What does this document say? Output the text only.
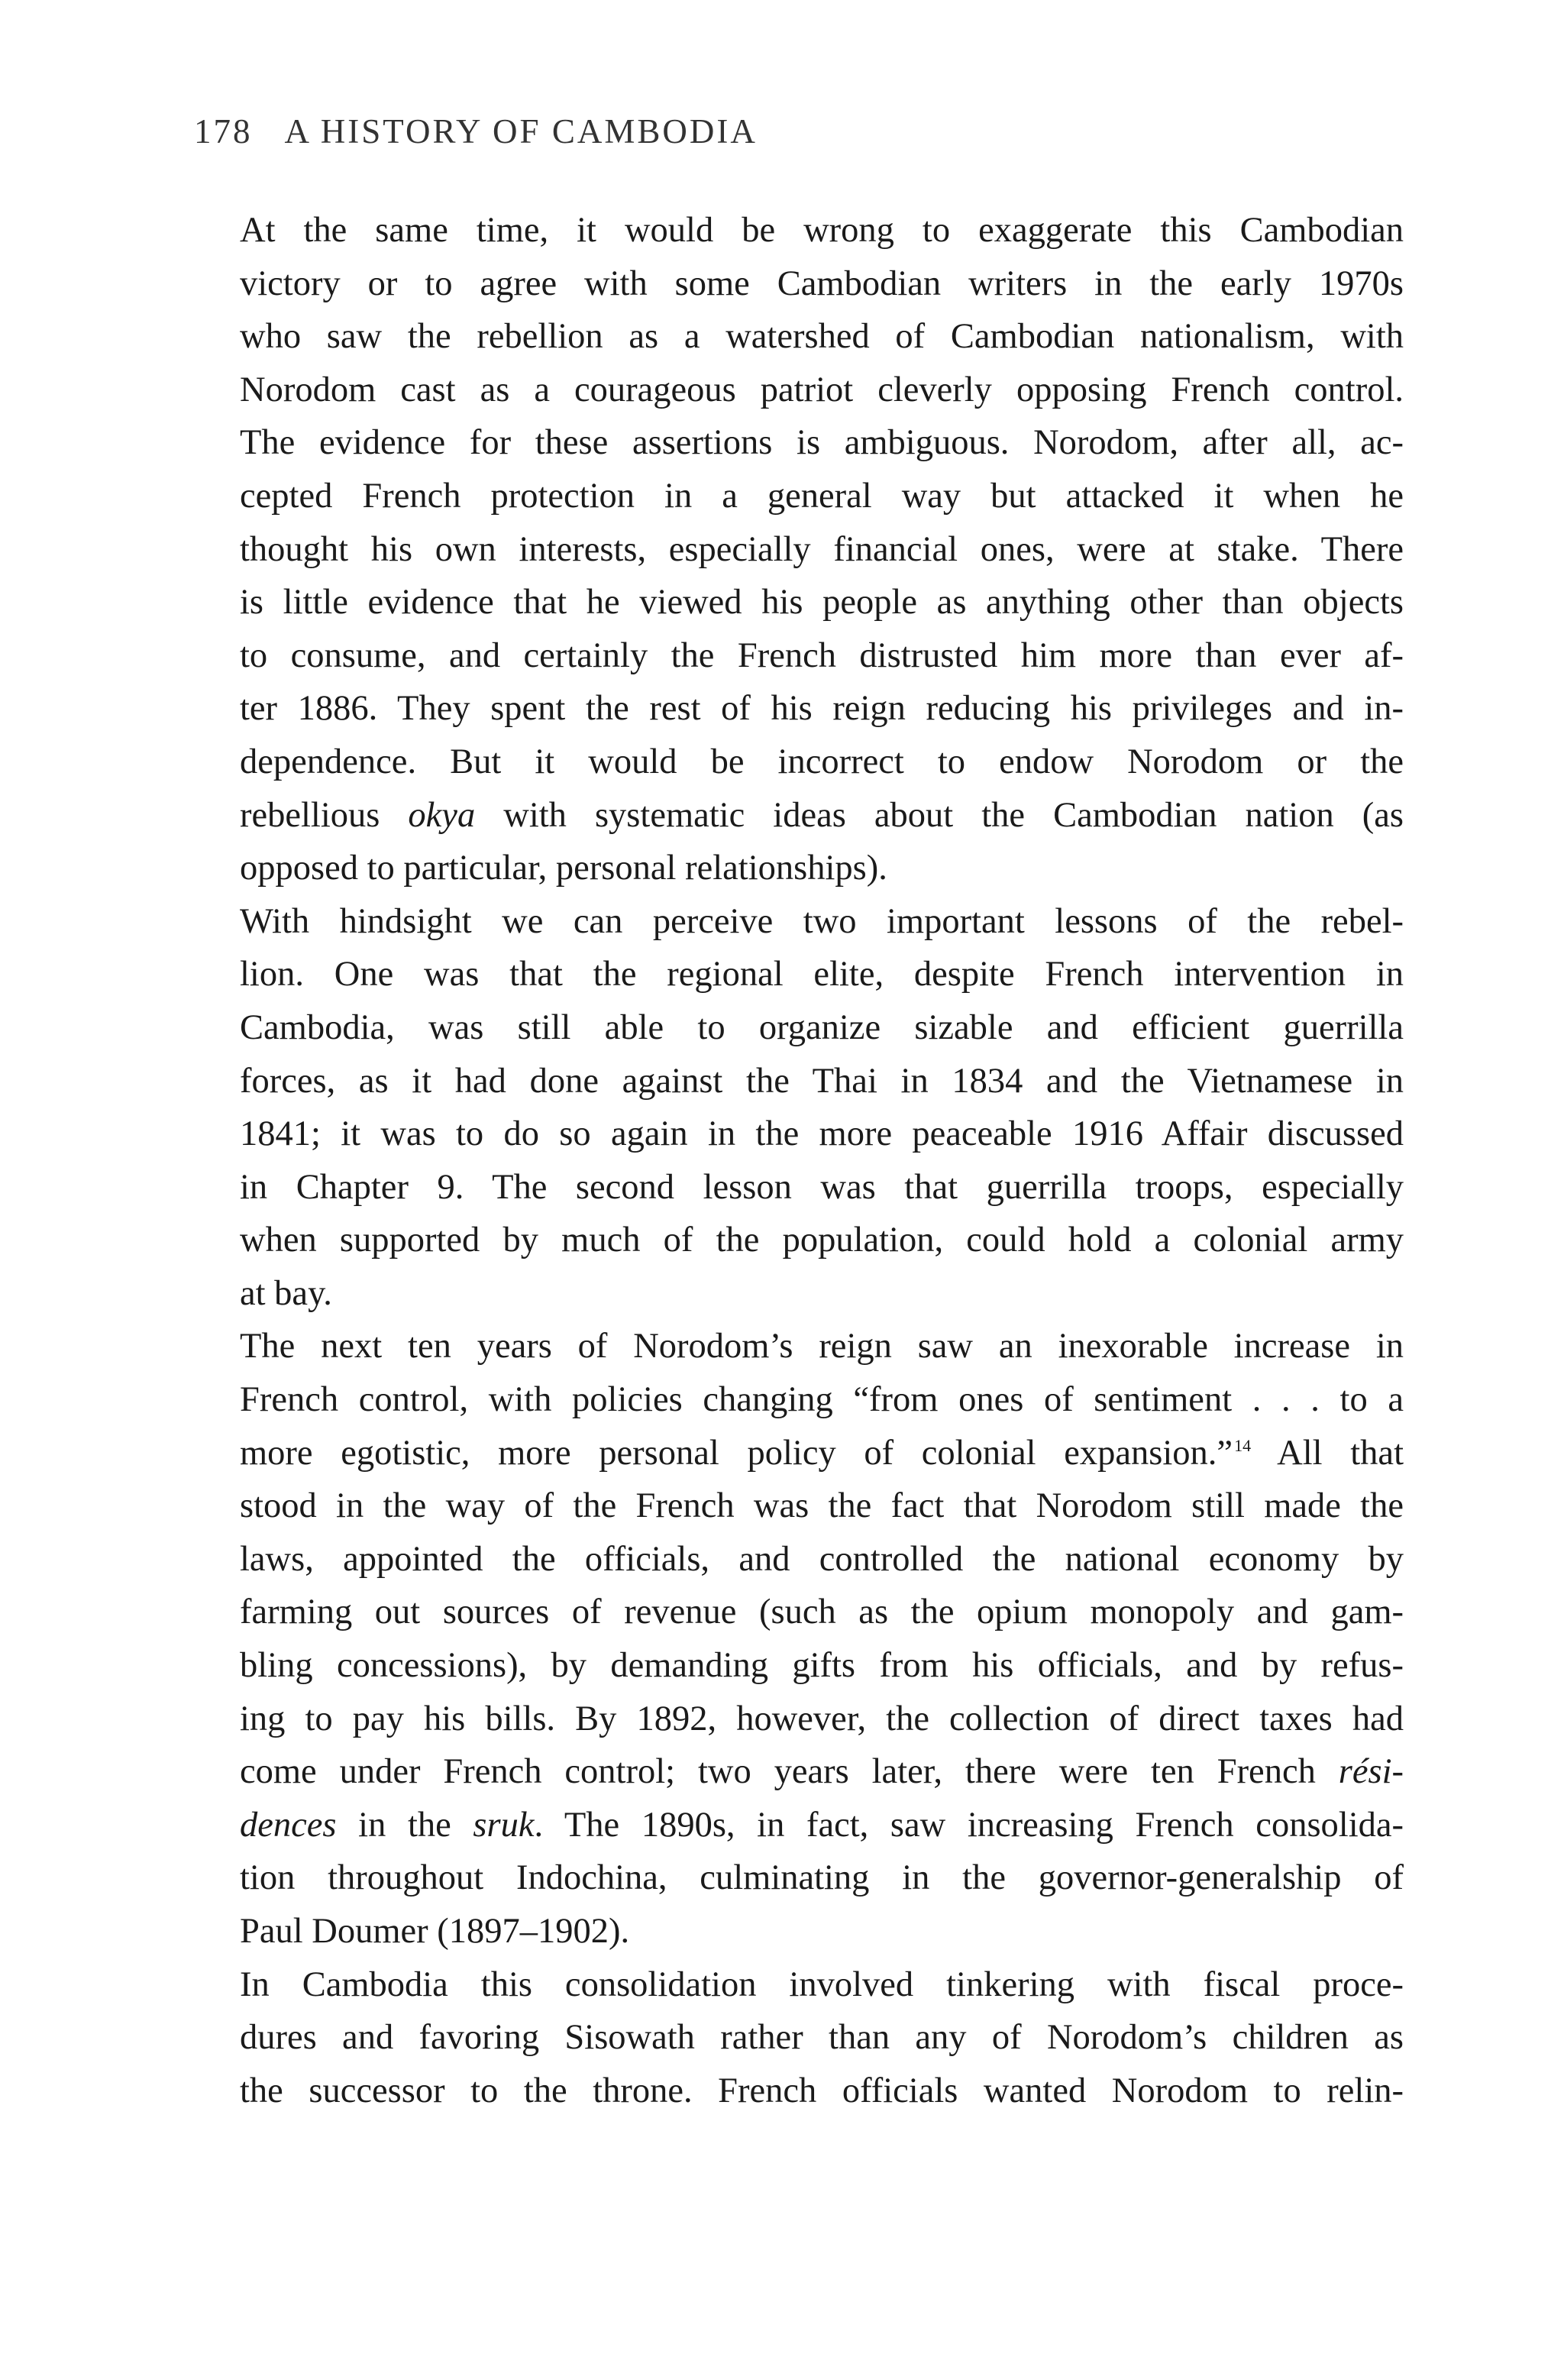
178 A HISTORY OF CAMBODIA
At the same time, it would be wrong to exaggerate this Cambodian
victory or to agree with some Cambodian writers in the early 1970s
who saw the rebellion as a watershed of Cambodian nationalism, with
Norodom cast as a courageous patriot cleverly opposing French control.
The evidence for these assertions is ambiguous. Norodom, after all, ac-
cepted French protection in a general way but attacked it when he
thought his own interests, especially financial ones, were at stake. There
is little evidence that he viewed his people as anything other than objects
to consume, and certainly the French distrusted him more than ever af-
ter 1886. They spent the rest of his reign reducing his privileges and in-
dependence. But it would be incorrect to endow Norodom or the
rebellious okya with systematic ideas about the Cambodian nation (as
opposed to particular, personal relationships).
With hindsight we can perceive two important lessons of the rebel-
lion. One was that the regional elite, despite French intervention in
Cambodia, was still able to organize sizable and efficient guerrilla
forces, as it had done against the Thai in 1834 and the Vietnamese in
1841; it was to do so again in the more peaceable 1916 Affair discussed
in Chapter 9. The second lesson was that guerrilla troops, especially
when supported by much of the population, could hold a colonial army
at bay.
The next ten years of Norodom’s reign saw an inexorable increase in
French control, with policies changing “from ones of sentiment . . . to a
more egotistic, more personal policy of colonial expansion.”$^{14}$ All that
stood in the way of the French was the fact that Norodom still made the
laws, appointed the officials, and controlled the national economy by
farming out sources of revenue (such as the opium monopoly and gam-
bling concessions), by demanding gifts from his officials, and by refus-
ing to pay his bills. By 1892, however, the collection of direct taxes had
come under French control; two years later, there were ten French rési-
dences in the sruk. The 1890s, in fact, saw increasing French consolida-
tion throughout Indochina, culminating in the governor-generalship of
Paul Doumer (1897–1902).
In Cambodia this consolidation involved tinkering with fiscal proce-
dures and favoring Sisowath rather than any of Norodom’s children as
the successor to the throne. French officials wanted Norodom to relin-
